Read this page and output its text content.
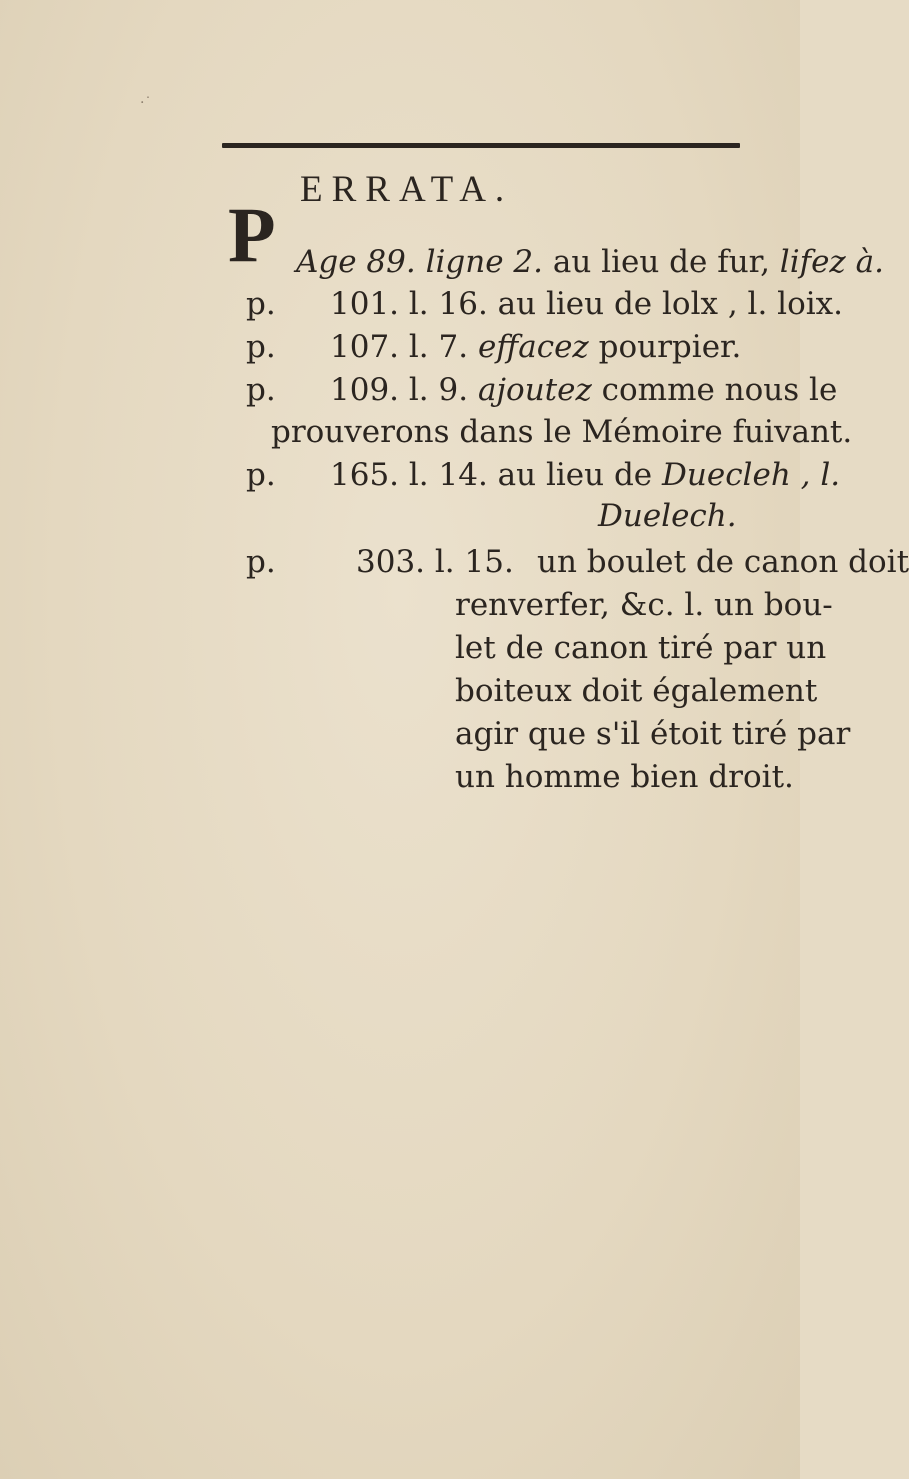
·˙
ERRATA.
P Age 89. ligne 2. au lieu de fur, lifez à.
p. 101. l. 16. au lieu de lolx , l. loix.
p. 107. l. 7. effacez pourpier.
p. 109. l. 9. ajoutez comme nous le
prouverons dans le Mémoire fuivant.
p. 165. l. 14. au lieu de Duecleh , l.
Duelech.
p.	303. l. 15. un boulet de canon doit
renverfer, &c. l. un bou-
let de canon tiré par un
boiteux doit également
agir que s'il étoit tiré par
un homme bien droit.
